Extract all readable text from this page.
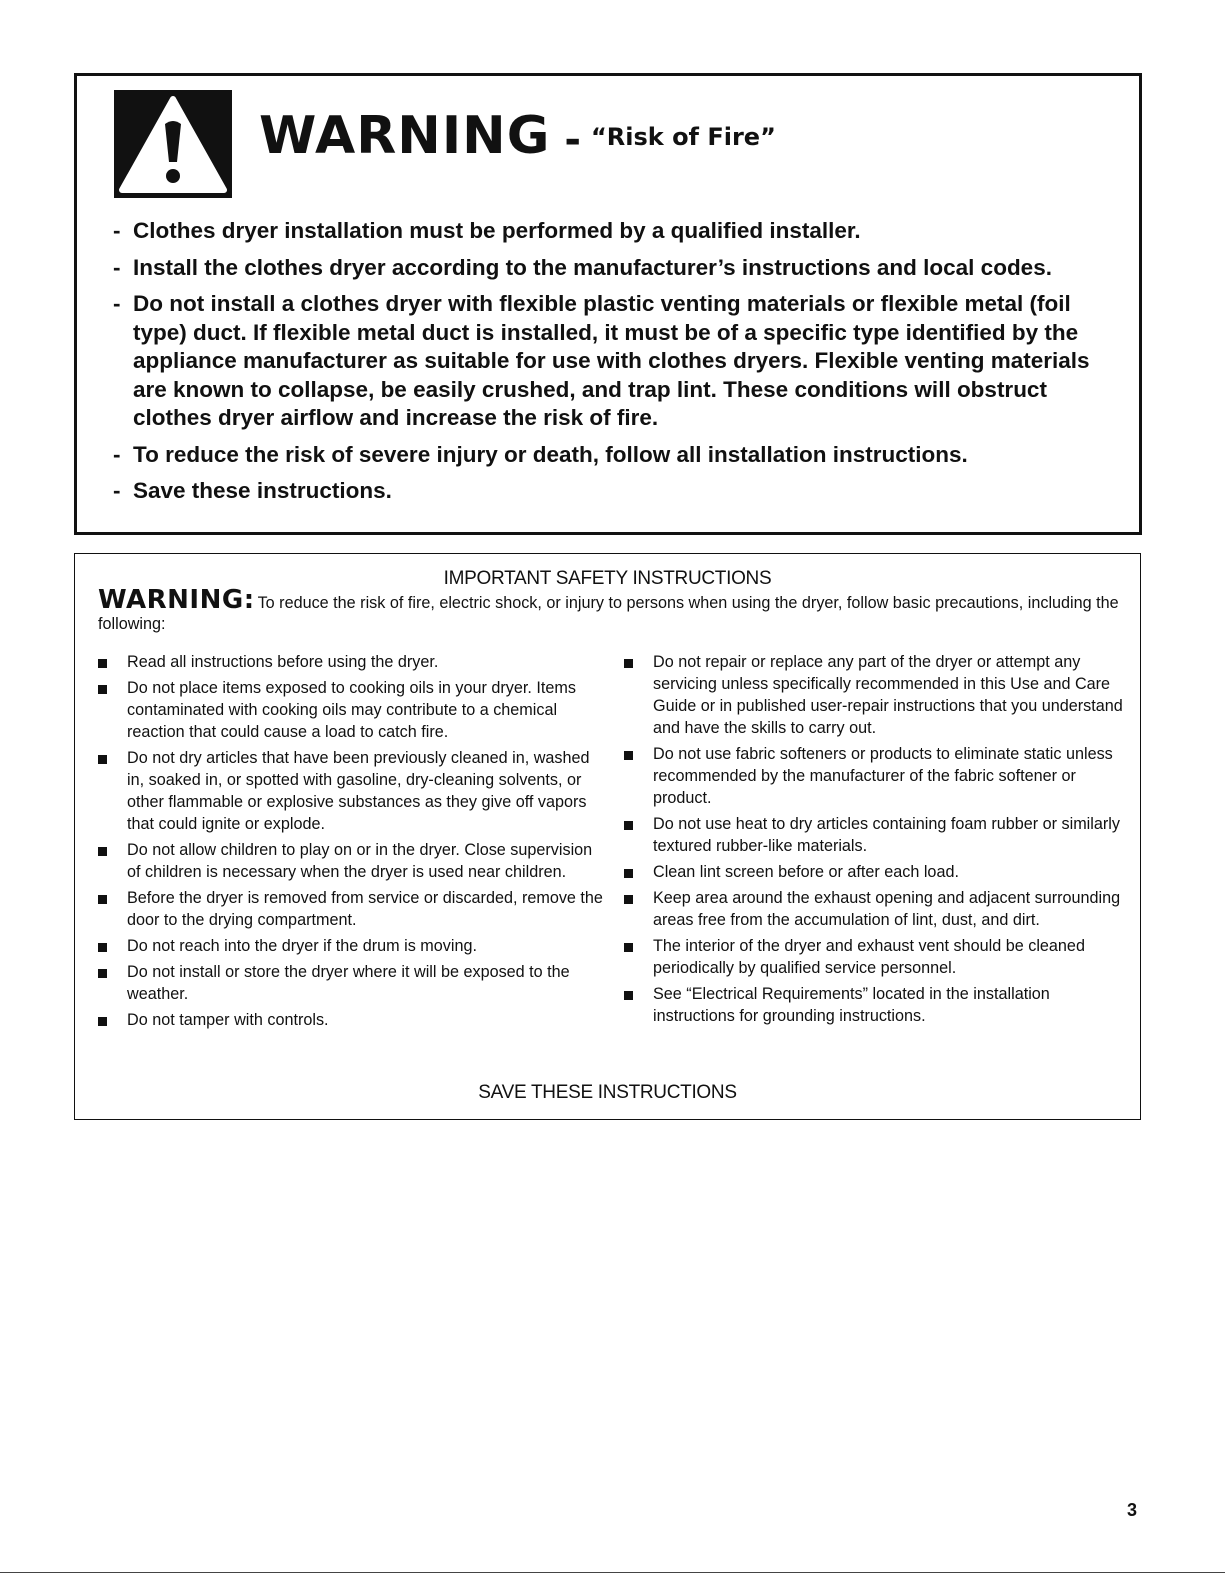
WARNING - “Risk of Fire”
- Clothes dryer installation must be performed by a qualified installer.
- Install the clothes dryer according to the manufacturer’s instructions and local codes.
- Do not install a clothes dryer with flexible plastic venting materials or flexible metal (foil type) duct. If flexible metal duct is installed, it must be of a specific type identified by the appliance manufacturer as suitable for use with clothes dryers. Flexible venting materials are known to collapse, be easily crushed, and trap lint. These conditions will obstruct clothes dryer airflow and increase the risk of fire.
- To reduce the risk of severe injury or death, follow all installation instructions.
- Save these instructions.
IMPORTANT SAFETY INSTRUCTIONS
WARNING: To reduce the risk of fire, electric shock, or injury to persons when using the dryer, follow basic precautions, including the following:
Read all instructions before using the dryer.
Do not place items exposed to cooking oils in your dryer. Items contaminated with cooking oils may contribute to a chemical reaction that could cause a load to catch fire.
Do not dry articles that have been previously cleaned in, washed in, soaked in, or spotted with gasoline, dry-cleaning solvents, or other flammable or explosive substances as they give off vapors that could ignite or explode.
Do not allow children to play on or in the dryer. Close supervision of children is necessary when the dryer is used near children.
Before the dryer is removed from service or discarded, remove the door to the drying compartment.
Do not reach into the dryer if the drum is moving.
Do not install or store the dryer where it will be exposed to the weather.
Do not tamper with controls.
Do not repair or replace any part of the dryer or attempt any servicing unless specifically recommended in this Use and Care Guide or in published user-repair instructions that you understand and have the skills to carry out.
Do not use fabric softeners or products to eliminate static unless recommended by the manufacturer of the fabric softener or product.
Do not use heat to dry articles containing foam rubber or similarly textured rubber-like materials.
Clean lint screen before or after each load.
Keep area around the exhaust opening and adjacent surrounding areas free from the accumulation of lint, dust, and dirt.
The interior of the dryer and exhaust vent should be cleaned periodically by qualified service personnel.
See “Electrical Requirements” located in the installation instructions for grounding instructions.
SAVE THESE INSTRUCTIONS
3
